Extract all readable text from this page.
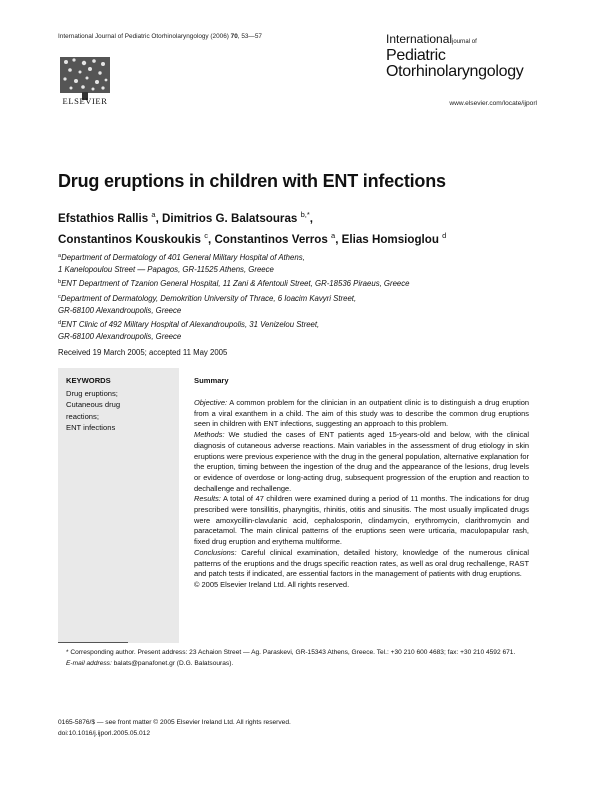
International Journal of Pediatric Otorhinolaryngology (2006) 70, 53—57
ELSEVIER
Internationaljournal of
Pediatric
Otorhinolaryngology
www.elsevier.com/locate/ijporl
Drug eruptions in children with ENT infections
Efstathios Rallis $^a$, Dimitrios G. Balatsouras $^{b,*}$,
Constantinos Kouskoukis $^c$, Constantinos Verros $^a$, Elias Homsioglou $^d$
$^a$Department of Dermatology of 401 General Military Hospital of Athens,
1 Kanelopoulou Street — Papagos, GR-11525 Athens, Greece
$^b$ENT Department of Tzanion General Hospital, 11 Zani & Afentouli Street, GR-18536 Piraeus, Greece
$^c$Department of Dermatology, Demokrition University of Thrace, 6 Ioacim Kavyri Street,
GR-68100 Alexandroupolis, Greece
$^d$ENT Clinic of 492 Military Hospital of Alexandroupolis, 31 Venizelou Street,
GR-68100 Alexandroupolis, Greece
Received 19 March 2005; accepted 11 May 2005
KEYWORDS
Drug eruptions;
Cutaneous drug
reactions;
ENT infections
Summary

Objective: A common problem for the clinician in an outpatient clinic is to distinguish a drug eruption from a viral exanthem in a child. The aim of this study was to describe the common drug eruptions seen in children with ENT infections, suggesting an approach to this problem.

Methods: We studied the cases of ENT patients aged 15-years-old and below, with the clinical diagnosis of cutaneous adverse reactions. Main variables in the assessment of drug etiology in skin eruptions were previous experience with the drug in the general population, alternative explanation for the eruption, timing between the ingestion of the drug and the appearance of the lesions, drug levels or evidence of overdose or long-acting drug, subsequent progression of the eruption and reaction to dechallenge and rechallenge.

Results: A total of 47 children were examined during a period of 11 months. The indications for drug prescribed were tonsillitis, pharyngitis, rhinitis, otitis and sinusitis. The most usually implicated drugs were amoxycillin-clavulanic acid, cephalosporin, clindamycin, erythromycin, clarithromycin and paracetamol. The main clinical patterns of the eruptions seen were urticaria, maculopapular rash, fixed drug eruption and erythema multiforme.

Conclusions: Careful clinical examination, detailed history, knowledge of the numerous clinical patterns of the eruptions and the drugs specific reaction rates, as well as oral drug rechallenge, RAST and patch tests if indicated, are essential factors in the management of patients with drug eruptions.

© 2005 Elsevier Ireland Ltd. All rights reserved.

* Corresponding author. Present address: 23 Achaion Street — Ag. Paraskevi, GR-15343 Athens, Greece. Tel.: +30 210 600 4683; fax: +30 210 4592 671.

E-mail address: balats@panafonet.gr (D.G. Balatsouras).

0165-5876/$ — see front matter © 2005 Elsevier Ireland Ltd. All rights reserved.
doi:10.1016/j.ijporl.2005.05.012
